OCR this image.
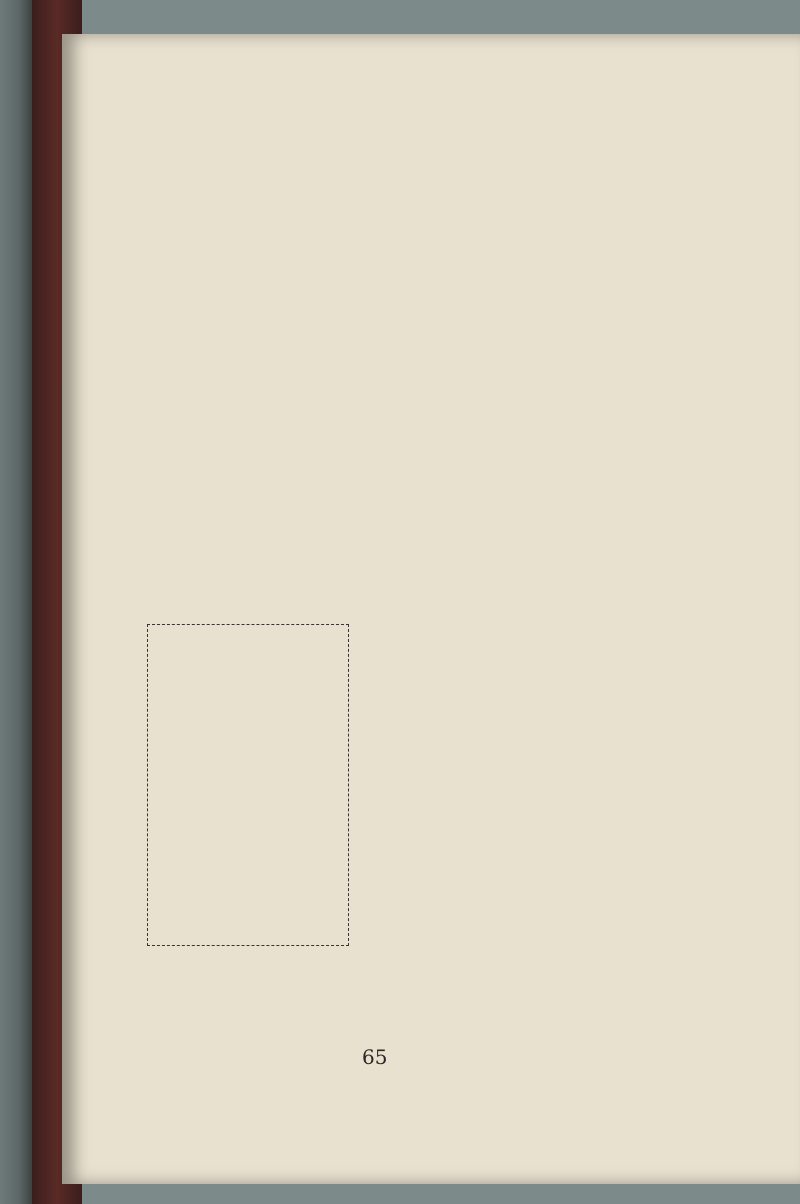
65
